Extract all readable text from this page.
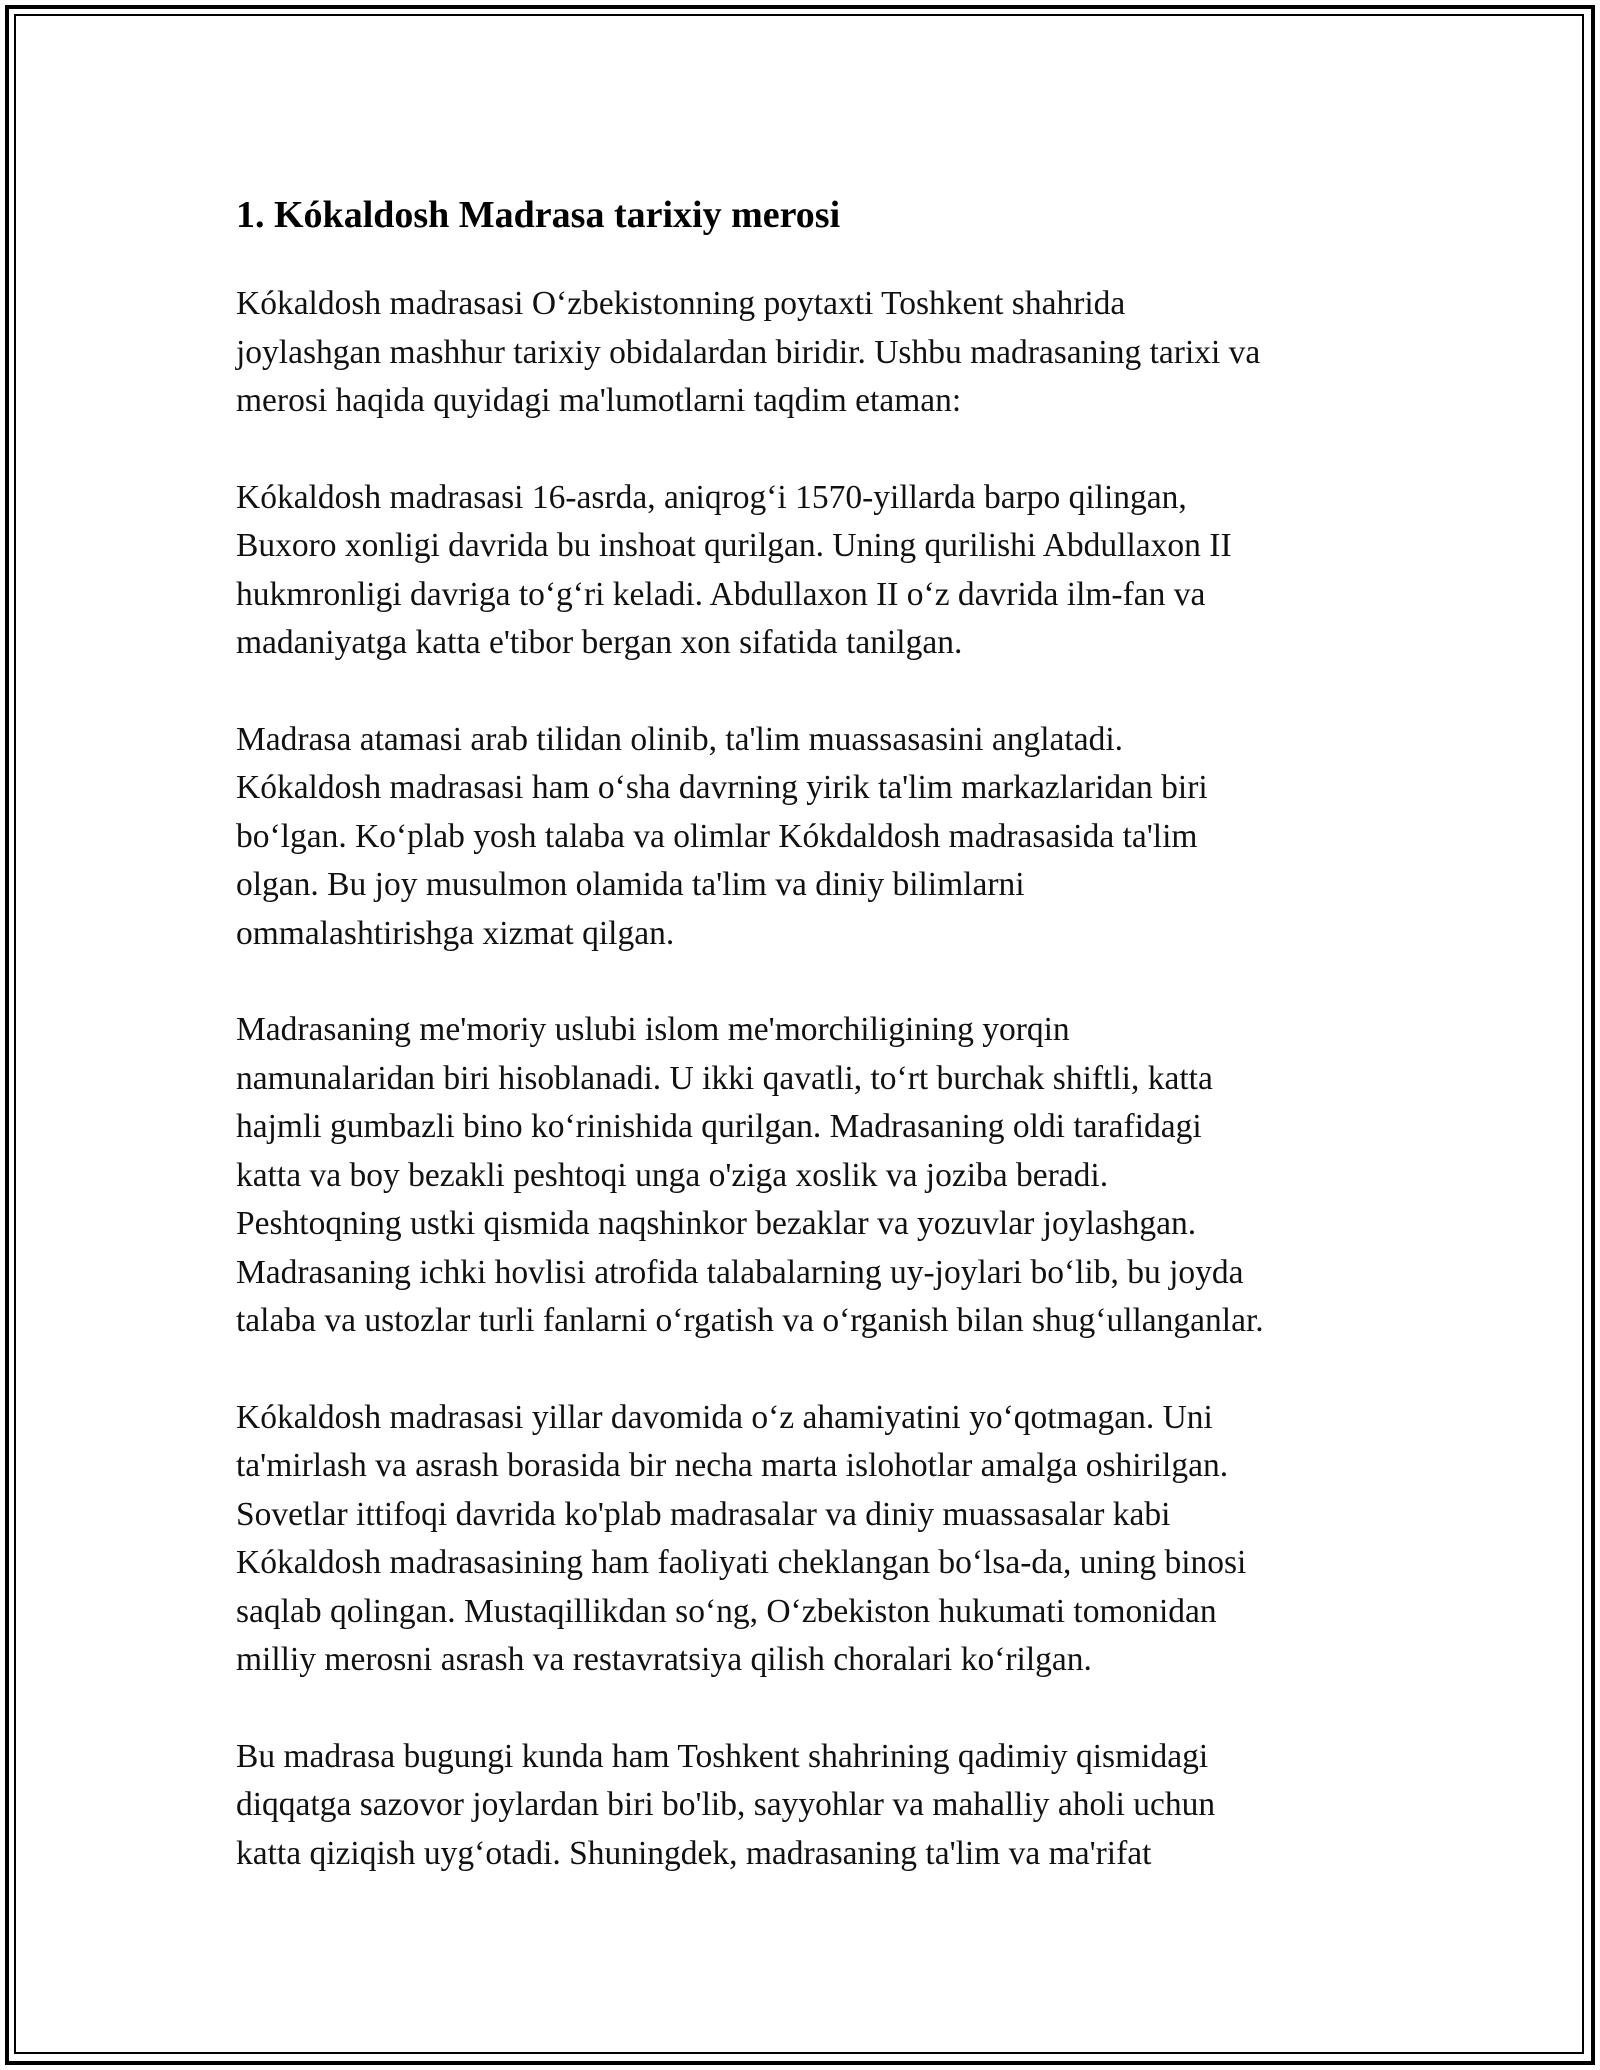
1. Kókaldosh Madrasa tarixiy merosi

Kókaldosh madrasasi O‘zbekistonning poytaxti Toshkent shahrida
joylashgan mashhur tarixiy obidalardan biridir. Ushbu madrasaning tarixi va
merosi haqida quyidagi ma'lumotlarni taqdim etaman:

Kókaldosh madrasasi 16-asrda, aniqrog‘i 1570-yillarda barpo qilingan,
Buxoro xonligi davrida bu inshoat qurilgan. Uning qurilishi Abdullaxon II
hukmronligi davriga to‘g‘ri keladi. Abdullaxon II o‘z davrida ilm-fan va
madaniyatga katta e'tibor bergan xon sifatida tanilgan.

Madrasa atamasi arab tilidan olinib, ta'lim muassasasini anglatadi.
Kókaldosh madrasasi ham o‘sha davrning yirik ta'lim markazlaridan biri
bo‘lgan. Ko‘plab yosh talaba va olimlar Kókdaldosh madrasasida ta'lim
olgan. Bu joy musulmon olamida ta'lim va diniy bilimlarni
ommalashtirishga xizmat qilgan.

Madrasaning me'moriy uslubi islom me'morchiligining yorqin
namunalaridan biri hisoblanadi. U ikki qavatli, to‘rt burchak shiftli, katta
hajmli gumbazli bino ko‘rinishida qurilgan. Madrasaning oldi tarafidagi
katta va boy bezakli peshtoqi unga o'ziga xoslik va joziba beradi.
Peshtoqning ustki qismida naqshinkor bezaklar va yozuvlar joylashgan.
Madrasaning ichki hovlisi atrofida talabalarning uy-joylari bo‘lib, bu joyda
talaba va ustozlar turli fanlarni o‘rgatish va o‘rganish bilan shug‘ullanganlar.

Kókaldosh madrasasi yillar davomida o‘z ahamiyatini yo‘qotmagan. Uni
ta'mirlash va asrash borasida bir necha marta islohotlar amalga oshirilgan.
Sovetlar ittifoqi davrida ko'plab madrasalar va diniy muassasalar kabi
Kókaldosh madrasasining ham faoliyati cheklangan bo‘lsa-da, uning binosi
saqlab qolingan. Mustaqillikdan so‘ng, O‘zbekiston hukumati tomonidan
milliy merosni asrash va restavratsiya qilish choralari ko‘rilgan.

Bu madrasa bugungi kunda ham Toshkent shahrining qadimiy qismidagi
diqqatga sazovor joylardan biri bo'lib, sayyohlar va mahalliy aholi uchun
katta qiziqish uyg‘otadi. Shuningdek, madrasaning ta'lim va ma'rifat
